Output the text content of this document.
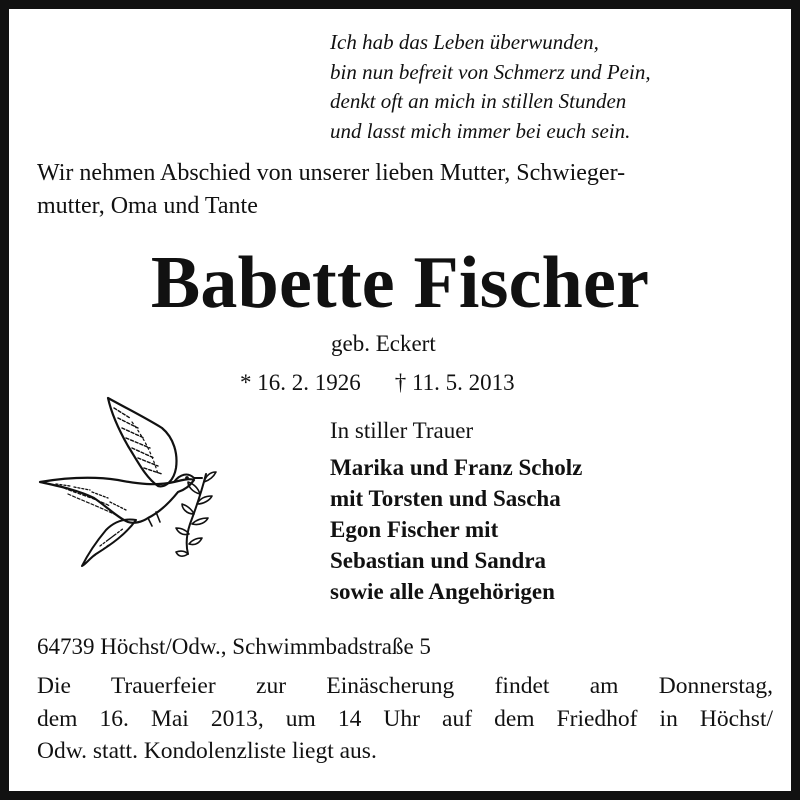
Ich hab das Leben überwunden,
bin nun befreit von Schmerz und Pein,
denkt oft an mich in stillen Stunden
und lasst mich immer bei euch sein.
Wir nehmen Abschied von unserer lieben Mutter, Schwieger-
mutter, Oma und Tante
Babette Fischer
geb. Eckert
* 16. 2. 1926 † 11. 5. 2013
In stiller Trauer
Marika und Franz Scholz
mit Torsten und Sascha
Egon Fischer mit
Sebastian und Sandra
sowie alle Angehörigen
64739 Höchst/Odw., Schwimmbadstraße 5
Die Trauerfeier zur Einäscherung findet am Donnerstag,
dem 16. Mai 2013, um 14 Uhr auf dem Friedhof in Höchst/
Odw. statt. Kondolenzliste liegt aus.
